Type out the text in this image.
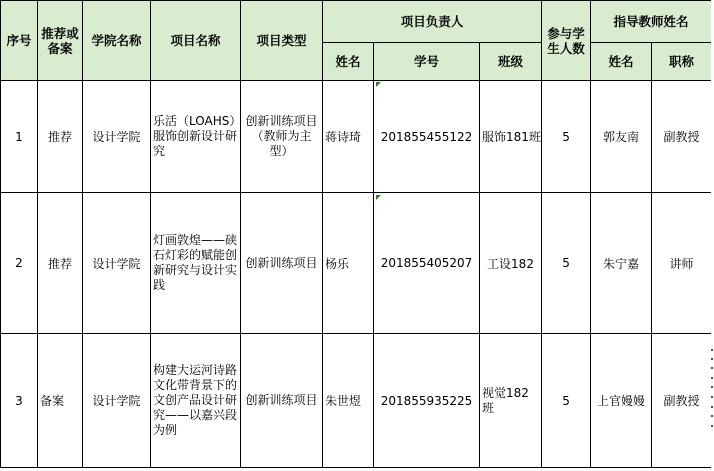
序号	推荐或备案	学院名称	项目名称	项目类型	项目负责人			参与学生人数	指导教师姓名	
					姓名	学号	班级		姓名	职称
1	推荐	设计学院	乐活（LOAHS）服饰创新设计研究	创新训练项目（教师为主型）	蒋诗琦	201855455122	服饰181班	5	郭友南	副教授
2	推荐	设计学院	灯画敦煌——硖石灯彩的赋能创新研究与设计实践	创新训练项目	杨乐	201855405207	工设182	5	朱宁嘉	讲师
3	备案	设计学院	构建大运河诗路文化带背景下的文创产品设计研究——以嘉兴段为例	创新训练项目	朱世煜	201855935225	视觉182班	5	上官嫚嫚	副教授
